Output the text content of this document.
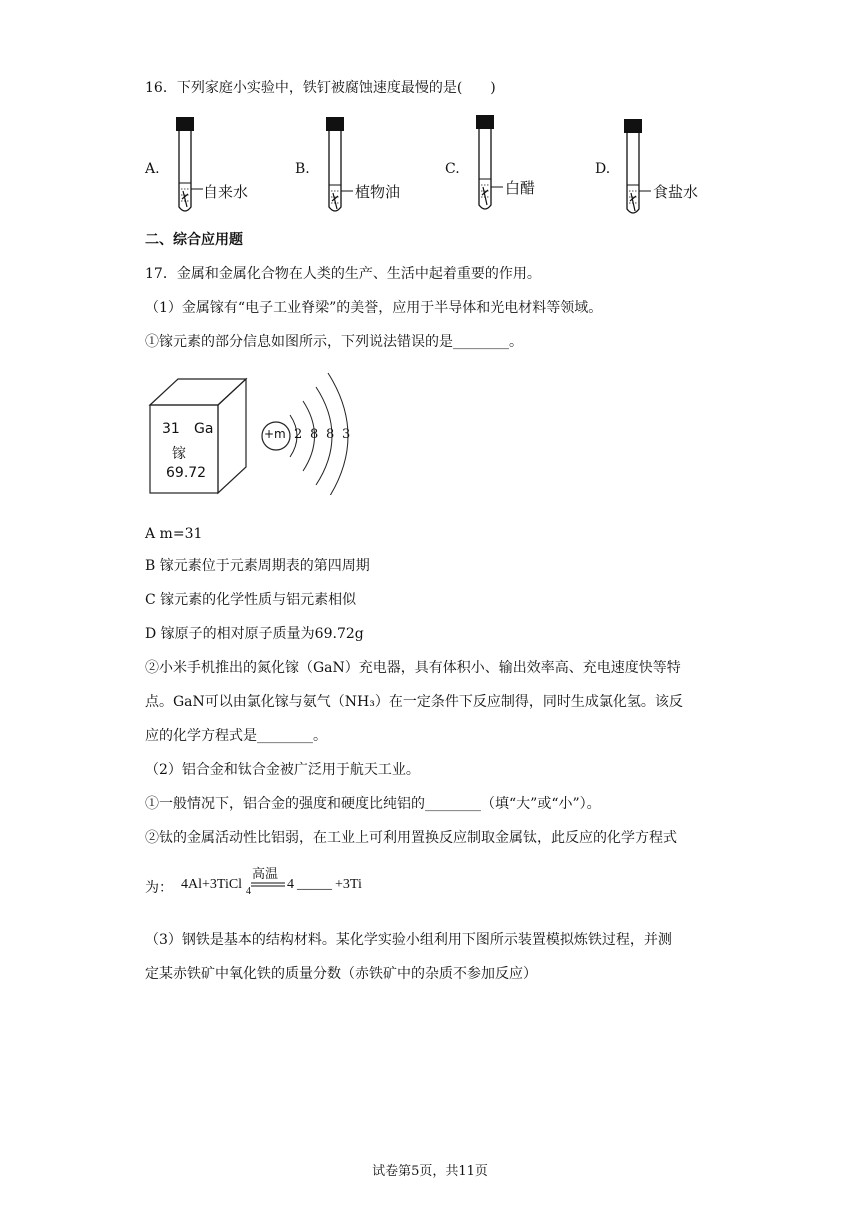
16．下列家庭小实验中，铁钉被腐蚀速度最慢的是(　　)
A.
自来水
B.
植物油
C.
白醋
D.
食盐水
二、综合应用题
17．金属和金属化合物在人类的生产、生活中起着重要的作用。
（1）金属镓有“电子工业脊梁”的美誉，应用于半导体和光电材料等领域。
①镓元素的部分信息如图所示，下列说法错误的是________。
31 Ga
镓
69.72
+m 2 8 8 3
A m=31
B 镓元素位于元素周期表的第四周期
C 镓元素的化学性质与铝元素相似
D 镓原子的相对原子质量为69.72g
②小米手机推出的氮化镓（GaN）充电器，具有体积小、输出效率高、充电速度快等特
点。GaN可以由氯化镓与氨气（NH₃）在一定条件下反应制得，同时生成氯化氢。该反
应的化学方程式是________。
（2）铝合金和钛合金被广泛用于航天工业。
①一般情况下，铝合金的强度和硬度比纯铝的________（填“大”或“小”）。
②钛的金属活动性比铝弱，在工业上可利用置换反应制取金属钛，此反应的化学方程式
为： 4Al+3TiCl 4
高温
4 _____ +3Ti
（3）钢铁是基本的结构材料。某化学实验小组利用下图所示装置模拟炼铁过程，并测
定某赤铁矿中氧化铁的质量分数（赤铁矿中的杂质不参加反应）
试卷第5页，共11页
